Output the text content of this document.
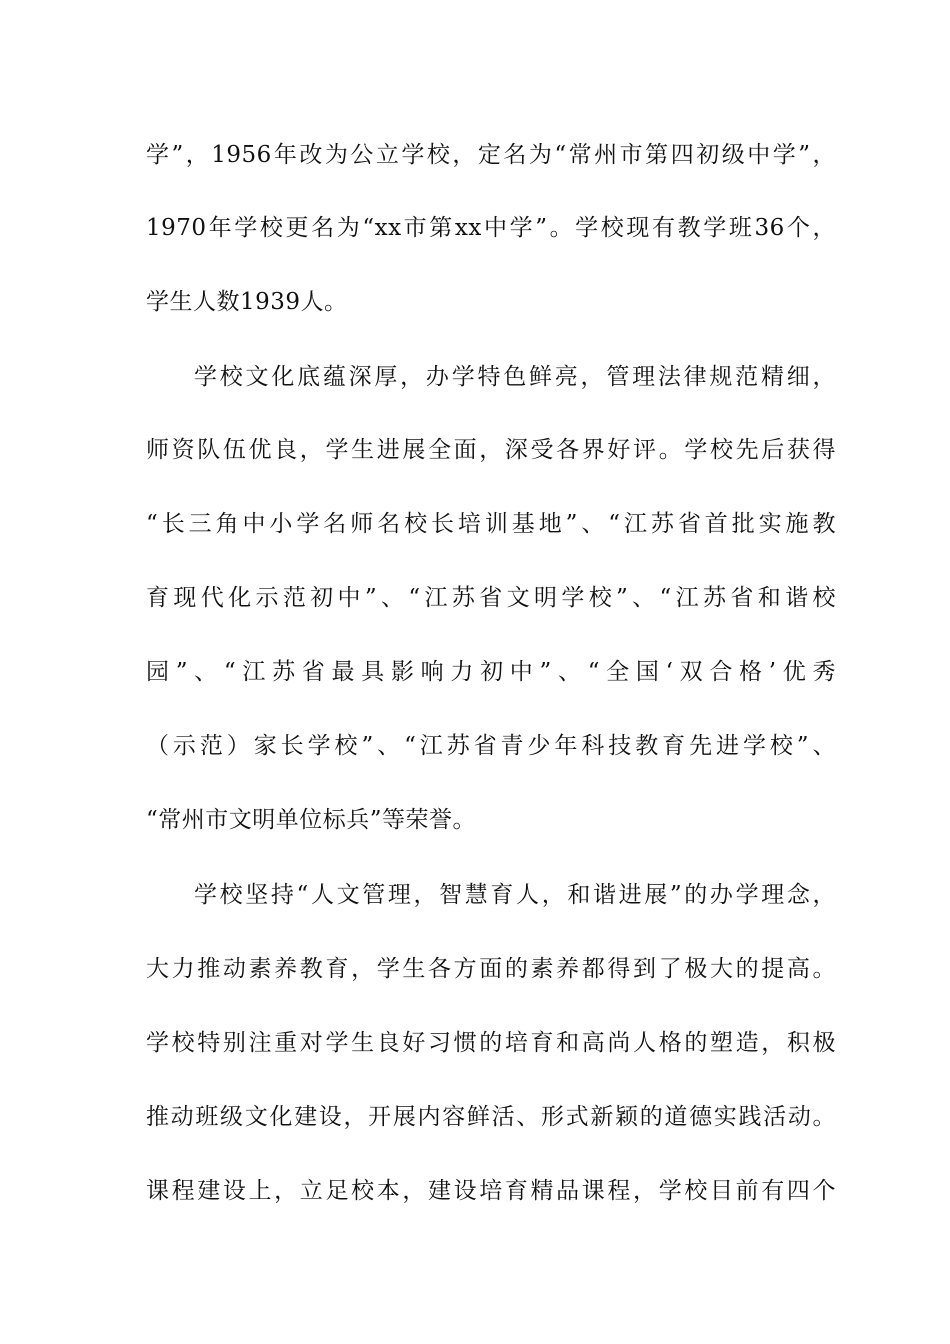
学”，1956年改为公立学校，定名为“常州市第四初级中学”，
1970年学校更名为“xx市第xx中学”。学校现有教学班36个，
学生人数1939人。
学校文化底蕴深厚，办学特色鲜亮，管理法律规范精细，
师资队伍优良，学生进展全面，深受各界好评。学校先后获得
“长三角中小学名师名校长培训基地”、“江苏省首批实施教
育现代化示范初中”、“江苏省文明学校”、“江苏省和谐校
园”、“江苏省最具影响力初中”、“全国‘双合格’优秀
（示范）家长学校”、“江苏省青少年科技教育先进学校”、
“常州市文明单位标兵”等荣誉。
学校坚持“人文管理，智慧育人，和谐进展”的办学理念，
大力推动素养教育，学生各方面的素养都得到了极大的提高。
学校特别注重对学生良好习惯的培育和高尚人格的塑造，积极
推动班级文化建设，开展内容鲜活、形式新颖的道德实践活动。
课程建设上，立足校本，建设培育精品课程，学校目前有四个
